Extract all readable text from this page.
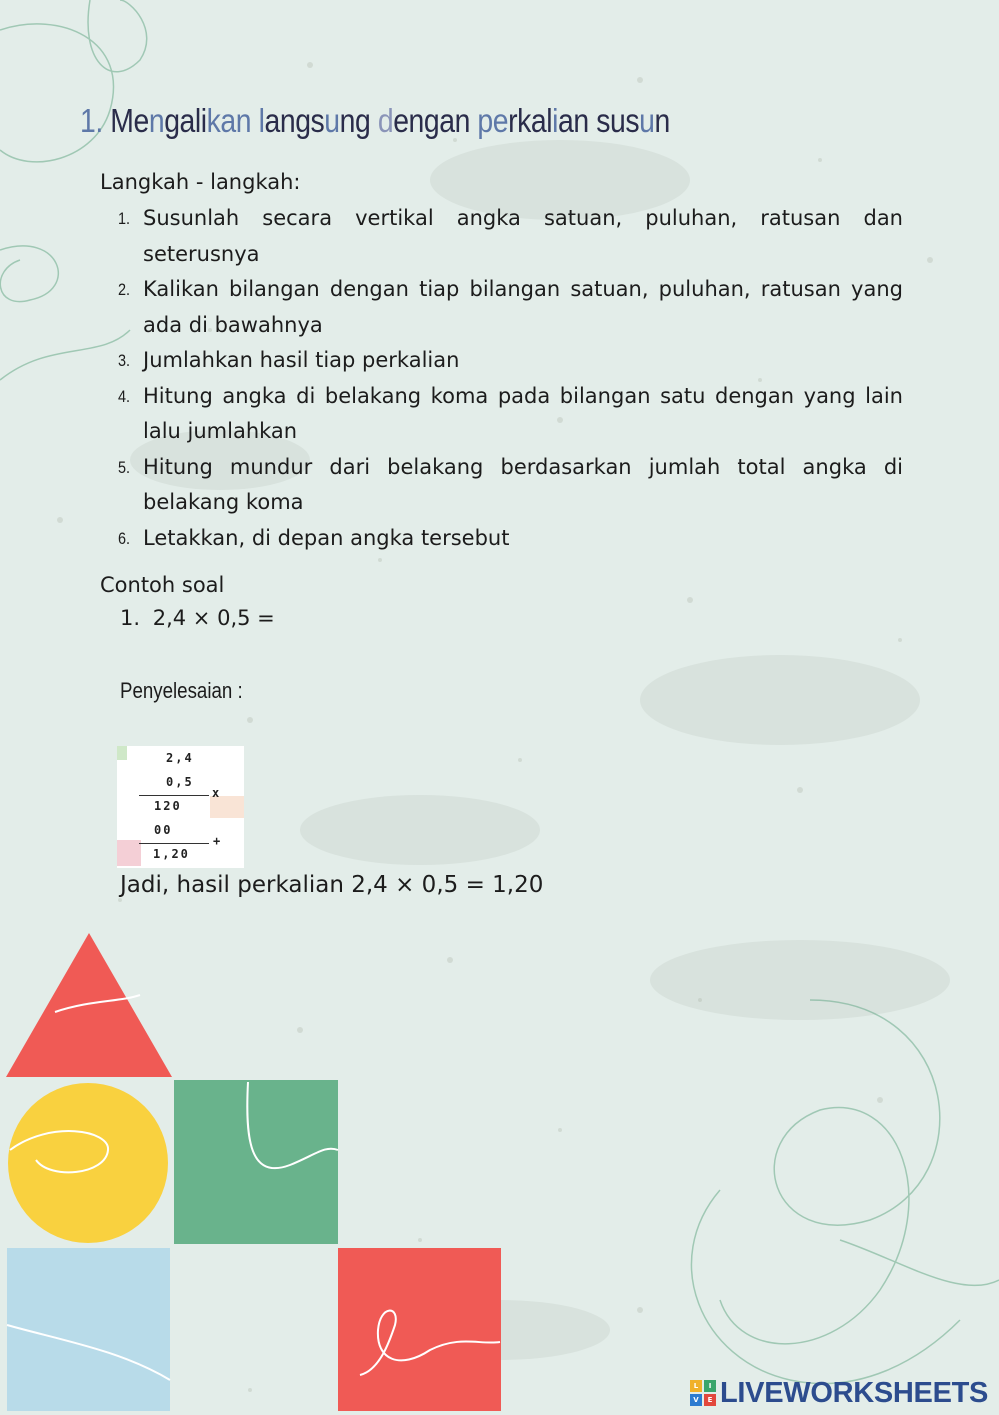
1. Mengalikan langsung dengan perkalian susun

Langkah - langkah:

1. Susunlah secara vertikal angka satuan, puluhan, ratusan dan seterusnya
2. Kalikan bilangan dengan tiap bilangan satuan, puluhan, ratusan yang ada di bawahnya
3. Jumlahkan hasil tiap perkalian
4. Hitung angka di belakang koma pada bilangan satu dengan yang lain lalu jumlahkan
5. Hitung mundur dari belakang berdasarkan jumlah total angka di belakang koma
6. Letakkan, di depan angka tersebut

Contoh soal

1. 2,4 × 0,5 =
Penyelesaian :
2,4
0,5
x
120
00
+
1,20
Jadi, hasil perkalian 2,4 × 0,5 = 1,20
L	I
V	E LIVEWORKSHEETS
